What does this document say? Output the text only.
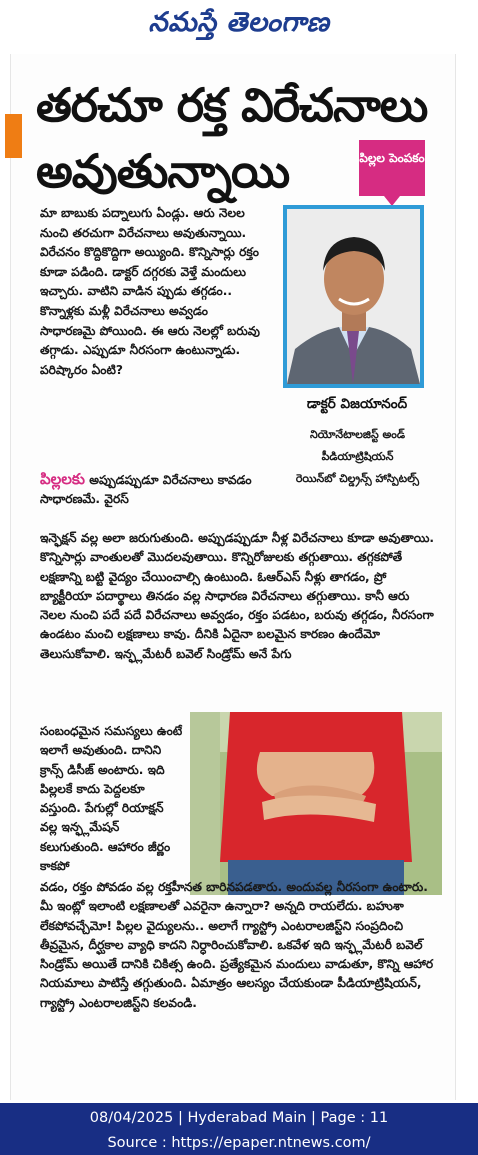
నమస్తే తెలంగాణ
తరచూ రక్త విరేచనాలు
అవుతున్నాయి	పిల్లల పెంపకం
మా బాబుకు పద్నాలుగు ఏండ్లు. ఆరు నెలల నుంచి తరచుగా విరేచనాలు అవుతున్నాయి. విరేచనం కొద్దికొద్దిగా అయ్యింది. కొన్నిసార్లు రక్తం కూడా పడింది. డాక్టర్ దగ్గరకు వెళ్తే మందులు ఇచ్చారు. వాటిని వాడిన ప్పుడు తగ్గడం.. కొన్నాళ్లకు మళ్లీ విరేచనాలు అవ్వడం సాధారణమై పోయింది. ఈ ఆరు నెలల్లో బరువు తగ్గాడు. ఎప్పుడూ నీరసంగా ఉంటున్నాడు. పరిష్కారం ఏంటి?
డాక్టర్ విజయానంద్
నియోనేటాలజిస్ట్ అండ్
పీడియాట్రిషియన్
రెయిన్‌బో చిల్డ్రన్స్ హాస్పిటల్స్
పిల్లలకు అప్పుడప్పుడూ విరేచనాలు కావడం సాధారణమే. వైరస్
ఇన్ఫెక్షన్ వల్ల అలా జరుగుతుంది. అప్పుడప్పుడూ నీళ్ల విరేచనాలు కూడా అవుతాయి. కొన్నిసార్లు వాంతులతో మొదలవుతాయి. కొన్నిరోజులకు తగ్గుతాయి. తగ్గకపోతే లక్షణాన్ని బట్టి వైద్యం చేయించాల్సి ఉంటుంది. ఓఆర్ఎస్ నీళ్లు తాగడం, ప్రో బ్యాక్టీరియా పదార్థాలు తినడం వల్ల సాధారణ విరేచనాలు తగ్గుతాయి. కానీ ఆరు నెలల నుంచి పదే పదే విరేచనాలు అవ్వడం, రక్తం పడటం, బరువు తగ్గడం, నీరసంగా ఉండటం మంచి లక్షణాలు కావు. దీనికి ఏదైనా బలమైన కారణం ఉందేమో తెలుసుకోవాలి. ఇన్ఫ్లమేటరీ బవెల్ సిండ్రోమ్ అనే పేగు
సంబంధమైన సమస్యలు ఉంటే ఇలాగే అవుతుంది. దానిని క్రాన్స్ డిసీజ్ అంటారు. ఇది పిల్లలకే కాదు పెద్దలకూ వస్తుంది. పేగుల్లో రియాక్షన్ వల్ల ఇన్ఫ్లమేషన్ కలుగుతుంది. ఆహారం జీర్ణం కాకపో
వడం, రక్తం పోవడం వల్ల రక్తహీనత బారినపడతారు. అందువల్ల నీరసంగా ఉంటారు. మీ ఇంట్లో ఇలాంటి లక్షణాలతో ఎవరైనా ఉన్నారా? అన్నది రాయలేదు. బహుశా లేకపోవచ్చేమో! పిల్లల వైద్యులను.. అలాగే గ్యాస్ట్రో ఎంటరాలజిస్ట్‌ని సంప్రదించి తీవ్రమైన, దీర్ఘకాల వ్యాధి కాదని నిర్ధారించుకోవాలి. ఒకవేళ ఇది ఇన్ఫ్లమేటరీ బవెల్ సిండ్రోమ్ అయితే దానికి చికిత్స ఉంది. ప్రత్యేకమైన మందులు వాడుతూ, కొన్ని ఆహార నియమాలు పాటిస్తే తగ్గుతుంది. ఏమాత్రం ఆలస్యం చేయకుండా పీడియాట్రిషియన్, గ్యాస్ట్రో ఎంటరాలజిస్ట్‌ని కలవండి.
08/04/2025 | Hyderabad Main | Page : 11
Source : https://epaper.ntnews.com/
